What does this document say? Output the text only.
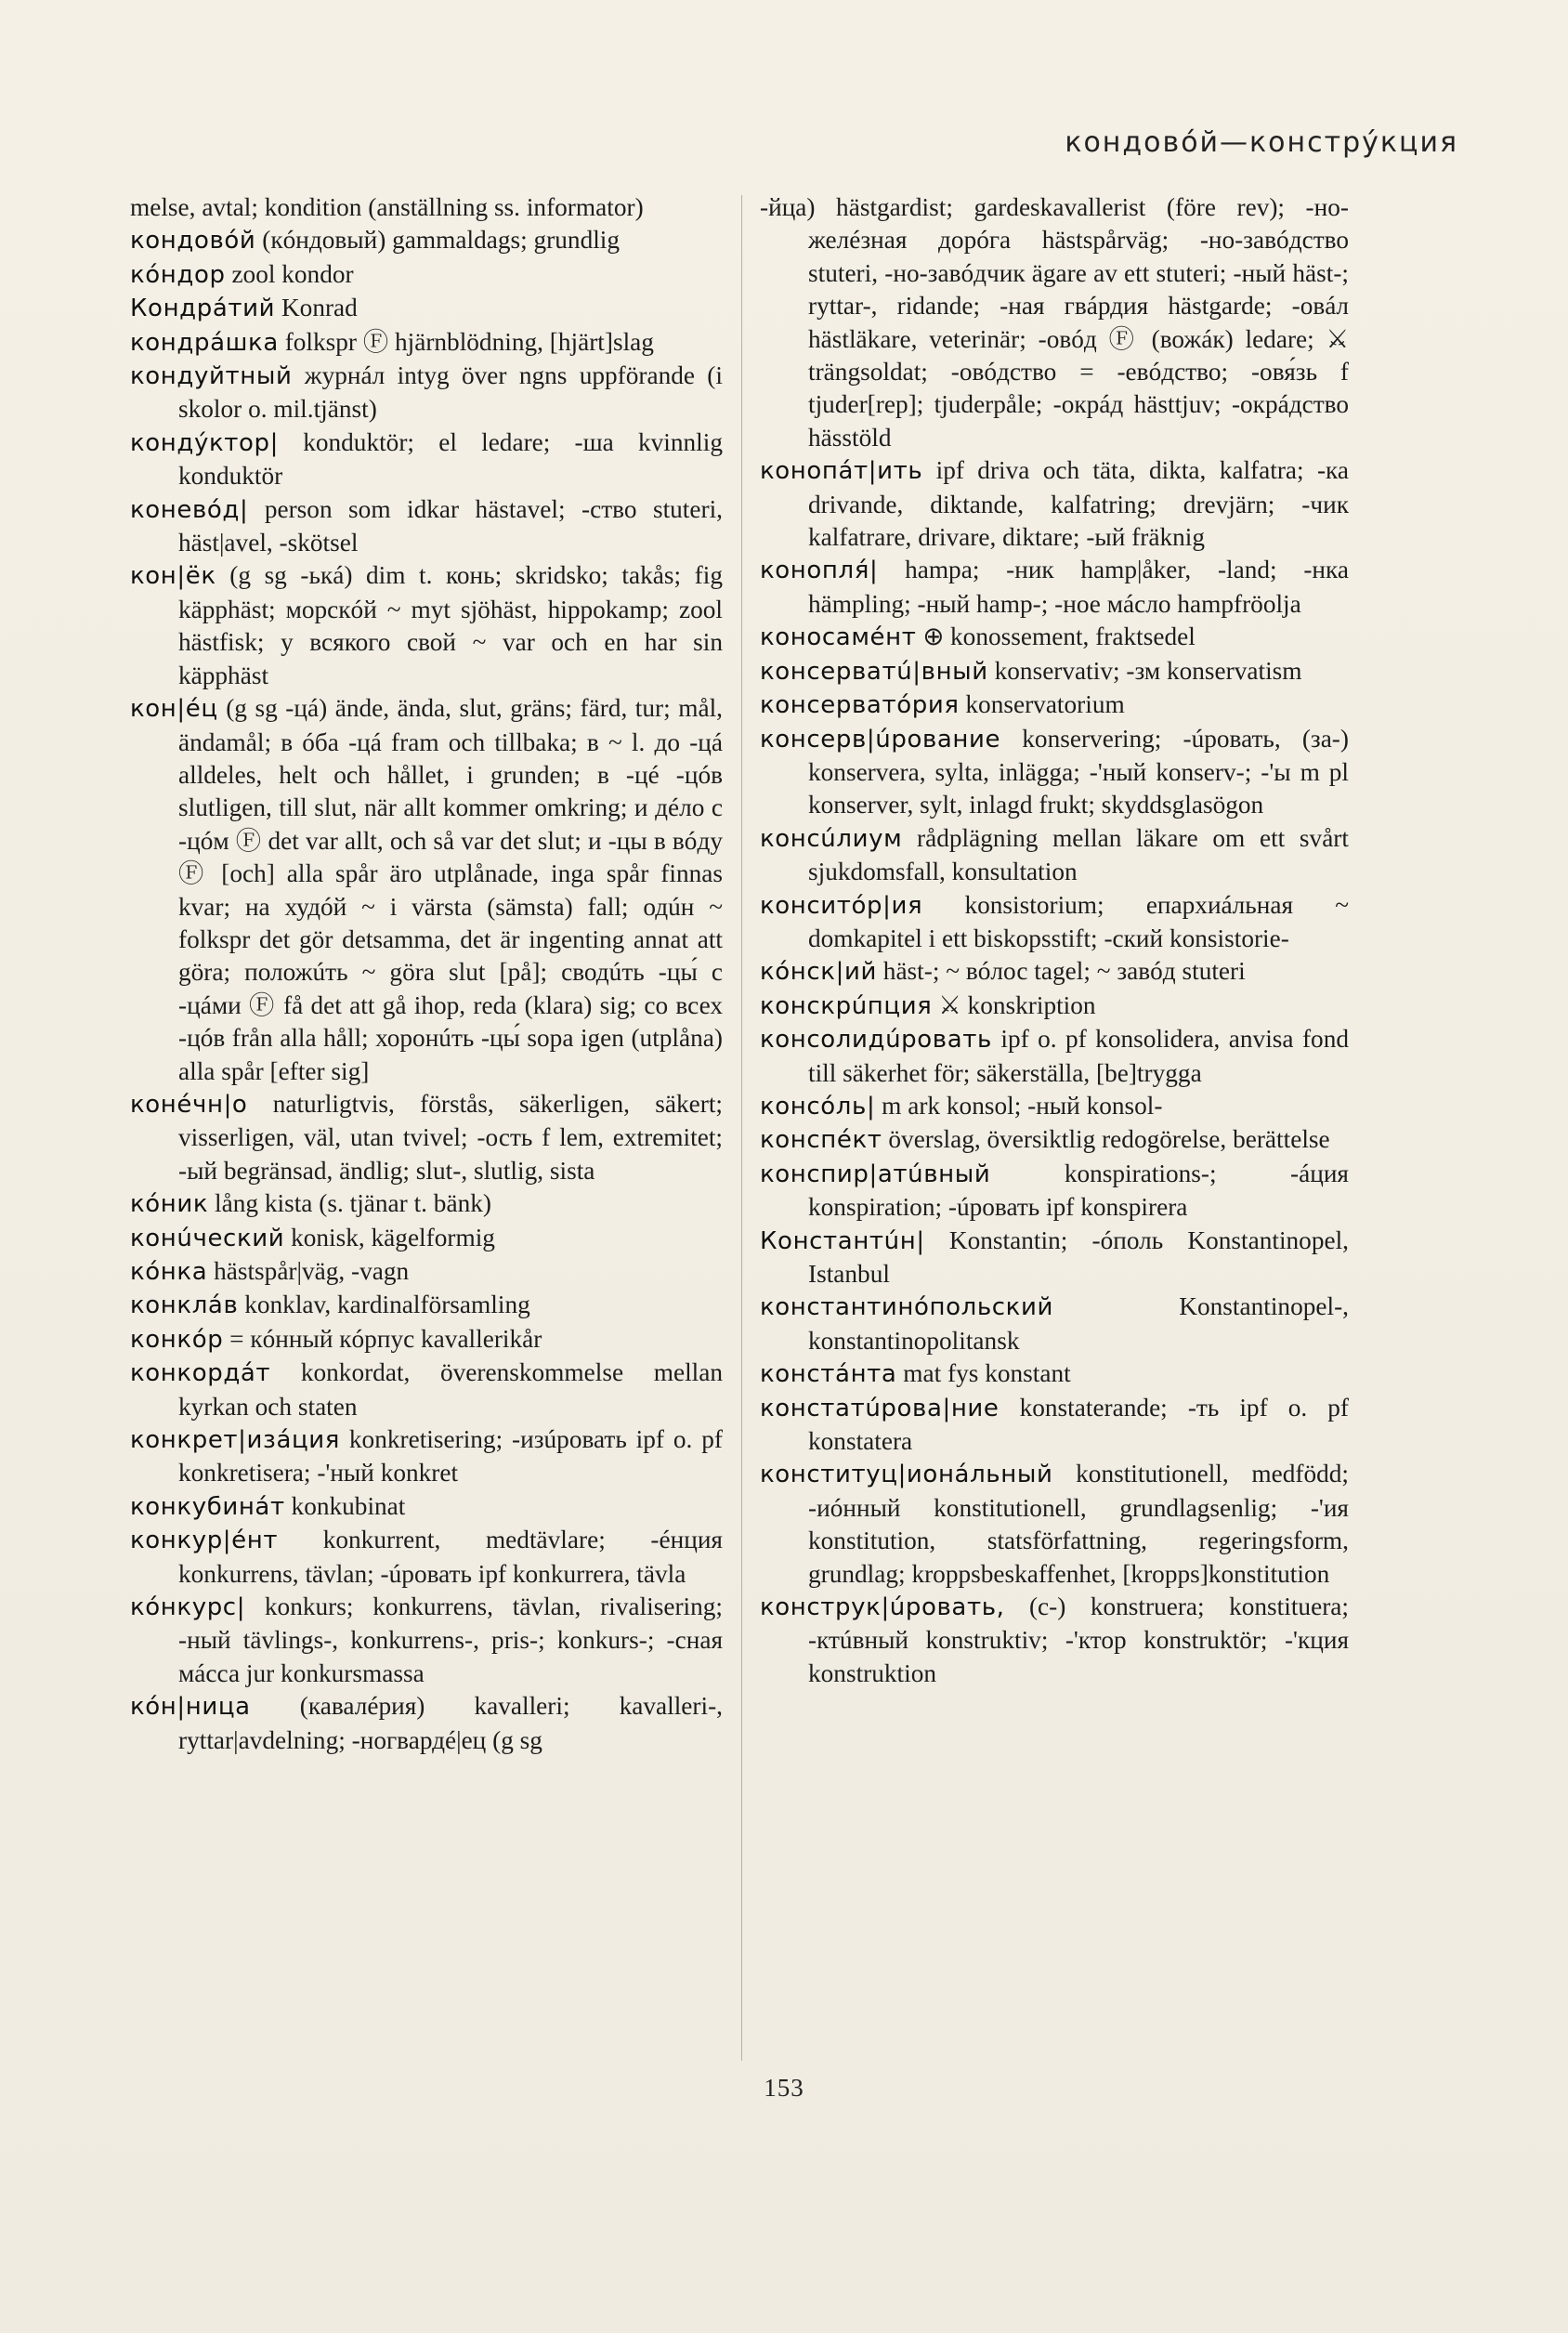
кондовóй—констрýкция

melse, avtal; kondition (anställning ss. informator)

кондовóй (кóндовый) gammaldags; grundlig

кóндор zool kondor

Кондрáтий Konrad

кондрáшка folkspr Ⓕ hjärnblödning, [hjärt]slag

кондуйтный журнáл intyg över ngns uppförande (i skolor o. mil.tjänst)

кондýктор| konduktör; el ledare; -ша kvinnlig konduktör

коневóд| person som idkar hästavel; -ство stuteri, häst|avel, -skötsel

кон|ёк (g sg -ькá) dim t. конь; skridsko; takås; fig käpphäst; морскóй ~ myt sjöhäst, hippokamp; zool hästfisk; у всякого свой ~ var och en har sin käpphäst

кон|éц (g sg -цá) ände, ända, slut, gräns; färd, tur; mål, ändamål; в óба -цá fram och tillbaka; в ~ l. до -цá alldeles, helt och hållet, i grunden; в -цé -цóв slutligen, till slut, när allt kommer omkring; и дéло с -цóм Ⓕ det var allt, och så var det slut; и -цы в вóду Ⓕ [och] alla spår äro utplånade, inga spår finnas kvar; на худóй ~ i värsta (sämsta) fall; одúн ~ folkspr det gör detsamma, det är ingenting annat att göra; положúть ~ göra slut [på]; сводúть -цы́ с -цáми Ⓕ få det att gå ihop, reda (klara) sig; со всех -цóв från alla håll; хоронúть -цы́ sopa igen (utplåna) alla spår [efter sig]

конéчн|о naturligtvis, förstås, säkerligen, säkert; visserligen, väl, utan tvivel; -ость f lem, extremitet; -ый begränsad, ändlig; slut-, slutlig, sista

кóник lång kista (s. tjänar t. bänk)

конúческий konisk, kägelformig

кóнка hästspår|väg, -vagn

конклáв konklav, kardinalförsamling

конкóр = кóнный кóрпус kavallerikår

конкордáт konkordat, överenskommelse mellan kyrkan och staten

конкрет|изáция konkretisering; -изúровать ipf o. pf konkretisera; -'ный konkret

конкубинáт konkubinat

конкур|éнт konkurrent, medtävlare; -éнция konkurrens, tävlan; -úровать ipf konkurrera, tävla

кóнкурс| konkurs; konkurrens, tävlan, rivalisering; -ный tävlings-, konkurrens-, pris-; konkurs-; -сная мáсса jur konkursmassa

кóн|ница (кавалéрия) kavalleri; kavalleri-, ryttar|avdelning; -ногвардé|ец (g sg

-йца) hästgardist; gardeskavallerist (före rev); -но-желéзная дорóга hästspårväg; -но-завóдство stuteri, -но-завóдчик ägare av ett stuteri; -ный häst-; ryttar-, ridande; -ная гвáрдия hästgarde; -овáл hästläkare, veterinär; -овóд Ⓕ (вожáк) ledare; ⚔ trängsoldat; -овóдство = -евóдство; -овя́зь f tjuder[rep]; tjuderpåle; -окрáд hästtjuv; -окрáдство hässtöld

конопáт|ить ipf driva och täta, dikta, kalfatra; -ка drivande, diktande, kalfatring; drevjärn; -чик kalfatrare, drivare, diktare; -ый fräknig

конопля́| hampa; -ник hamp|åker, -land; -нка hämpling; -ный hamp-; -ное мáсло hampfröolja

коносамéнт ⊕ konossement, fraktsedel

консерватú|вный konservativ; -зм konservatism

консерватóрия konservatorium

консерв|úрование konservering; -úровать, (за-) konservera, sylta, inlägga; -'ный konserv-; -'ы m pl konserver, sylt, inlagd frukt; skyddsglasögon

консúлиум rådplägning mellan läkare om ett svårt sjukdomsfall, konsultation

конситóр|ия konsistorium; епархиáльная ~ domkapitel i ett biskopsstift; -ский konsistorie-

кóнск|ий häst-; ~ вóлос tagel; ~ завóд stuteri

конскрúпция ⚔ konskription

консолидúровать ipf o. pf konsolidera, anvisa fond till säkerhet för; säkerställa, [be]trygga

консóль| m ark konsol; -ный konsol-

конспéкт överslag, översiktlig redogörelse, berättelse

конспир|атúвный	konspirations-; -áция konspiration; -úровать ipf konspirera

Константúн| Konstantin; -óполь Konstantinopel, Istanbul

константинóпольский	Konstantinopel-, konstantinopolitansk

констáнта mat fys konstant

констатúрова|ние konstaterande; -ть ipf o. pf konstatera

конституц|иoнáльный konstitutionell, medfödd; -иóнный konstitutionell, grundlagsenlig; -'ия konstitution, statsförfattning, regeringsform, grundlag; kroppsbeskaffenhet, [kropps]konstitution

конструк|úровать, (с-) konstruera; konstituera; -ктúвный konstruktiv; -'ктор konstruktör; -'кция konstruktion

153
